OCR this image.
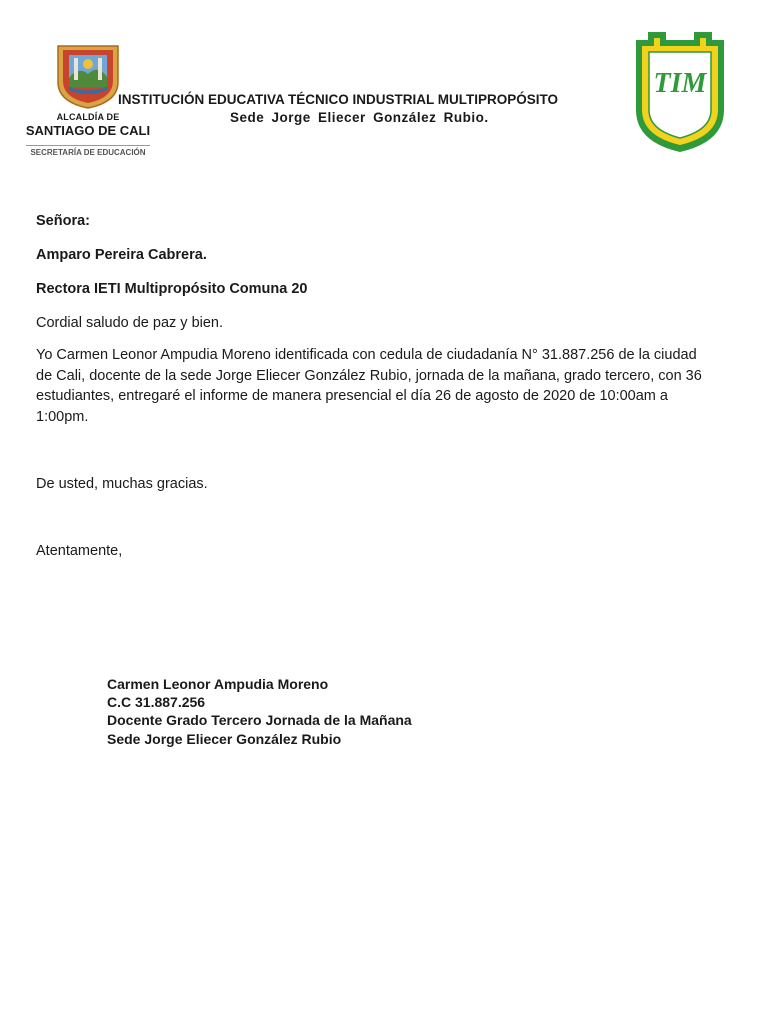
ALCALDÍA DE
SANTIAGO DE CALI
SECRETARÍA DE EDUCACIÓN
INSTITUCIÓN EDUCATIVA TÉCNICO INDUSTRIAL MULTIPROPÓSITO
Sede Jorge Eliecer González Rubio.
TIM
Señora:
Amparo Pereira Cabrera.
Rectora IETI Multipropósito Comuna 20
Cordial saludo de paz y bien.
Yo Carmen Leonor Ampudia Moreno identificada con cedula de ciudadanía N° 31.887.256 de la ciudad de Cali, docente de la sede Jorge Eliecer González Rubio, jornada de la mañana, grado tercero, con 36 estudiantes, entregaré el informe de manera presencial el día 26 de agosto de 2020 de 10:00am a 1:00pm.
De usted, muchas gracias.
Atentamente,
Carmen Leonor Ampudia Moreno
C.C 31.887.256
Docente Grado Tercero Jornada de la Mañana
Sede Jorge Eliecer González Rubio
